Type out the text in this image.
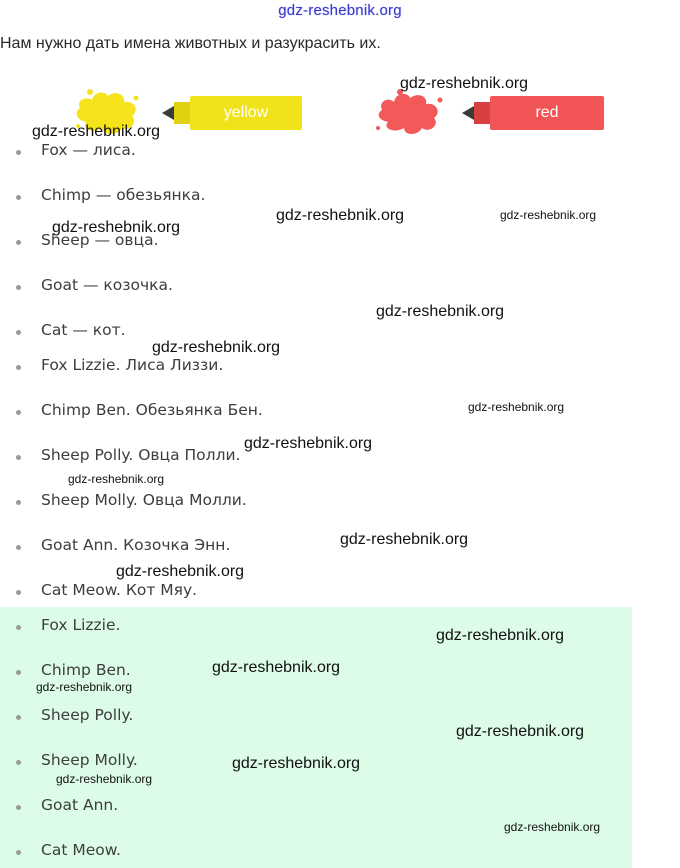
gdz-reshebnik.org
Нам нужно дать имена животных и разукрасить их.
yellow	red
Fox — лиса.
Chimp — обезьянка.
Sheep — овца.
Goat — козочка.
Cat — кот.
Fox Lizzie. Лиса Лиззи.
Chimp Ben. Обезьянка Бен.
Sheep Polly. Овца Полли.
Sheep Molly. Овца Молли.
Goat Ann. Козочка Энн.
Cat Meow. Кот Мяу.
Fox Lizzie.
Chimp Ben.
Sheep Polly.
Sheep Molly.
Goat Ann.
Cat Meow.
gdz-reshebnik.org
gdz-reshebnik.org
gdz-reshebnik.org
gdz-reshebnik.org	gdz-reshebnik.org
gdz-reshebnik.org
gdz-reshebnik.org
gdz-reshebnik.org
gdz-reshebnik.org
gdz-reshebnik.org
gdz-reshebnik.org
gdz-reshebnik.org
gdz-reshebnik.org
gdz-reshebnik.org
gdz-reshebnik.org
gdz-reshebnik.org
gdz-reshebnik.org
gdz-reshebnik.org
gdz-reshebnik.org
